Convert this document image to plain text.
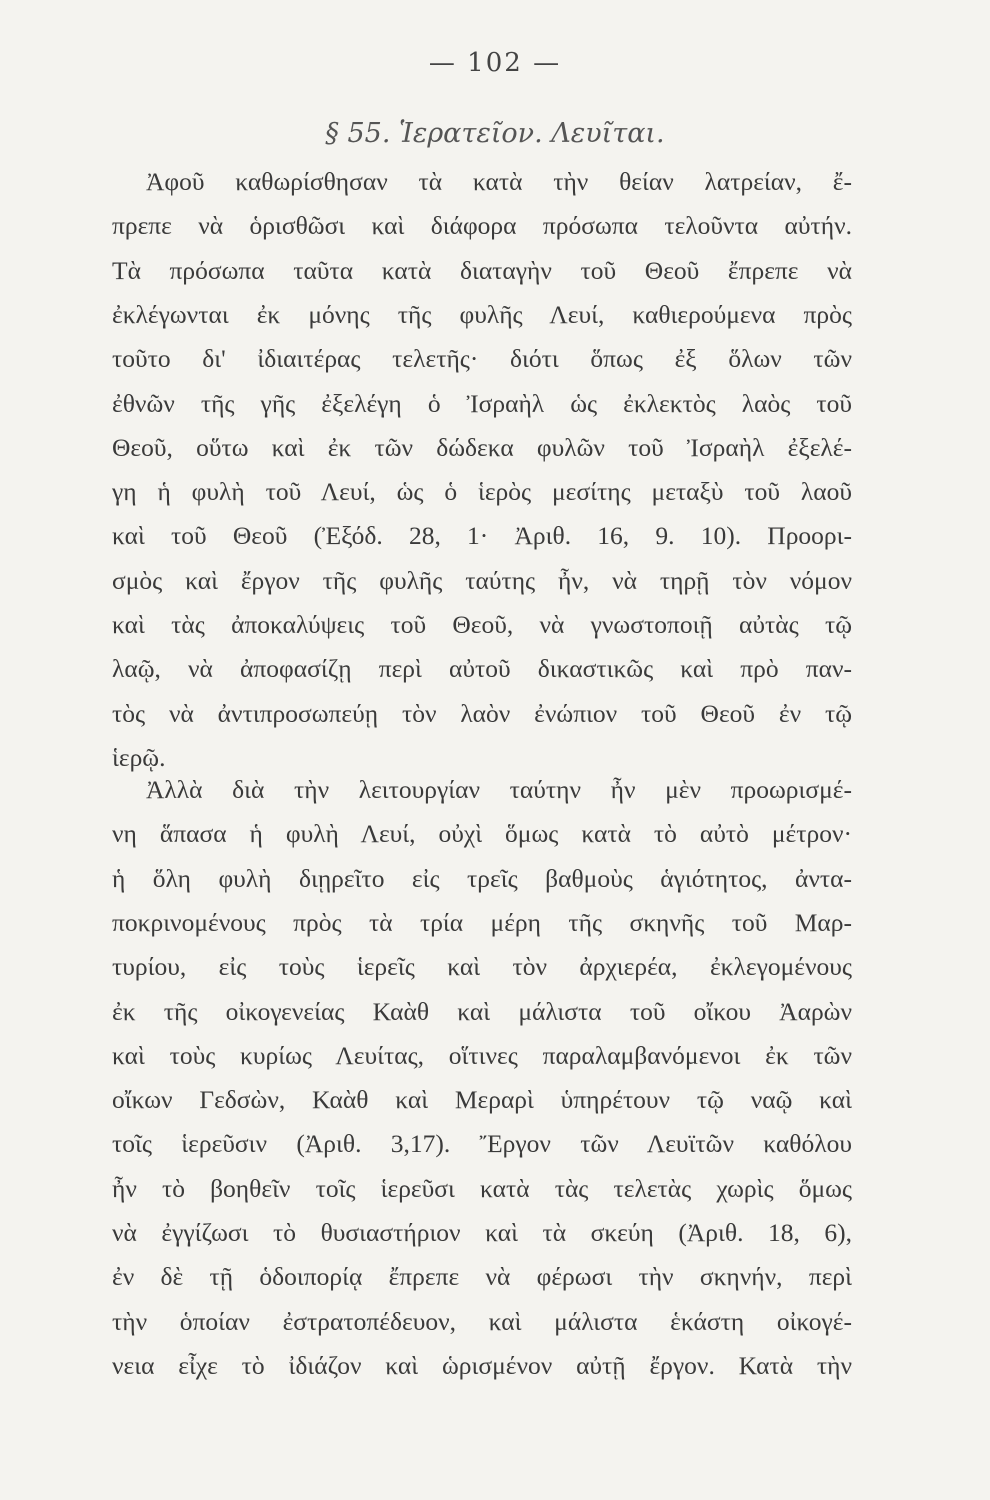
— 102 —
§ 55. Ἱερατεῖον. Λευῖται.
Ἀφοῦ καθωρίσθησαν τὰ κατὰ τὴν θείαν λατρείαν, ἔ-
πρεπε νὰ ὁρισθῶσι καὶ διάφορα πρόσωπα τελοῦντα αὐτήν.
Τὰ πρόσωπα ταῦτα κατὰ διαταγὴν τοῦ Θεοῦ ἔπρεπε νὰ
ἐκλέγωνται ἐκ μόνης τῆς φυλῆς Λευί, καθιερούμενα πρὸς
τοῦτο δι' ἰδιαιτέρας τελετῆς· διότι ὅπως ἐξ ὅλων τῶν
ἐθνῶν τῆς γῆς ἐξελέγη ὁ Ἰσραὴλ ὡς ἐκλεκτὸς λαὸς τοῦ
Θεοῦ, οὕτω καὶ ἐκ τῶν δώδεκα φυλῶν τοῦ Ἰσραὴλ ἐξελέ-
γη ἡ φυλὴ τοῦ Λευί, ὡς ὁ ἱερὸς μεσίτης μεταξὺ τοῦ λαοῦ
καὶ τοῦ Θεοῦ (Ἐξόδ. 28, 1· Ἀριθ. 16, 9. 10). Προορι-
σμὸς καὶ ἔργον τῆς φυλῆς ταύτης ἦν, νὰ τηρῇ τὸν νόμον
καὶ τὰς ἀποκαλύψεις τοῦ Θεοῦ, νὰ γνωστοποιῇ αὐτὰς τῷ
λαῷ, νὰ ἀποφασίζῃ περὶ αὐτοῦ δικαστικῶς καὶ πρὸ παν-
τὸς νὰ ἀντιπροσωπεύῃ τὸν λαὸν ἐνώπιον τοῦ Θεοῦ ἐν τῷ
ἱερῷ.
Ἀλλὰ διὰ τὴν λειτουργίαν ταύτην ἦν μὲν προωρισμέ-
νη ἅπασα ἡ φυλὴ Λευί, οὐχὶ ὅμως κατὰ τὸ αὐτὸ μέτρον·
ἡ ὅλη φυλὴ διῃρεῖτο εἰς τρεῖς βαθμοὺς ἁγιότητος, ἀντα-
ποκρινομένους πρὸς τὰ τρία μέρη τῆς σκηνῆς τοῦ Μαρ-
τυρίου, εἰς τοὺς ἱερεῖς καὶ τὸν ἀρχιερέα, ἐκλεγομένους
ἐκ τῆς οἰκογενείας Καὰθ καὶ μάλιστα τοῦ οἴκου Ἀαρὼν
καὶ τοὺς κυρίως Λευίτας, οἵτινες παραλαμβανόμενοι ἐκ τῶν
οἴκων Γεδσὼν, Καὰθ καὶ Μεραρὶ ὑπηρέτουν τῷ ναῷ καὶ
τοῖς ἱερεῦσιν (Ἀριθ. 3,17). Ἔργον τῶν Λευϊτῶν καθόλου
ἦν τὸ βοηθεῖν τοῖς ἱερεῦσι κατὰ τὰς τελετὰς χωρὶς ὅμως
νὰ ἐγγίζωσι τὸ θυσιαστήριον καὶ τὰ σκεύη (Ἀριθ. 18, 6),
ἐν δὲ τῇ ὁδοιπορίᾳ ἔπρεπε νὰ φέρωσι τὴν σκηνήν, περὶ
τὴν ὁποίαν ἐστρατοπέδευον, καὶ μάλιστα ἑκάστη οἰκογέ-
νεια εἶχε τὸ ἰδιάζον καὶ ὡρισμένον αὐτῇ ἔργον. Κατὰ τὴν
